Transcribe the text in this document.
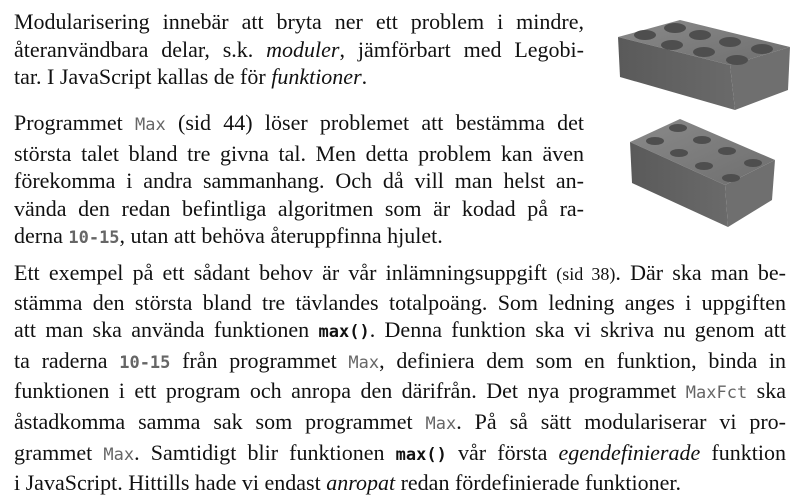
Modularisering innebär att bryta ner ett problem i mindre,
återanvändbara delar, s.k. moduler, jämförbart med Legobi-
tar. I JavaScript kallas de för funktioner.
Programmet Max (sid 44) löser problemet att bestämma det
största talet bland tre givna tal. Men detta problem kan även
förekomma i andra sammanhang. Och då vill man helst an-
vända den redan befintliga algoritmen som är kodad på ra-
derna 10-15, utan att behöva återuppfinna hjulet.
Ett exempel på ett sådant behov är vår inlämningsuppgift (sid 38). Där ska man be-
stämma den största bland tre tävlandes totalpoäng. Som ledning anges i uppgiften
att man ska använda funktionen max(). Denna funktion ska vi skriva nu genom att
ta raderna 10-15 från programmet Max, definiera dem som en funktion, binda in
funktionen i ett program och anropa den därifrån. Det nya programmet MaxFct ska
åstadkomma samma sak som programmet Max. På så sätt modulariserar vi pro-
grammet Max. Samtidigt blir funktionen max() vår första egendefinierade funktion
i JavaScript. Hittills hade vi endast anropat redan fördefinierade funktioner.
